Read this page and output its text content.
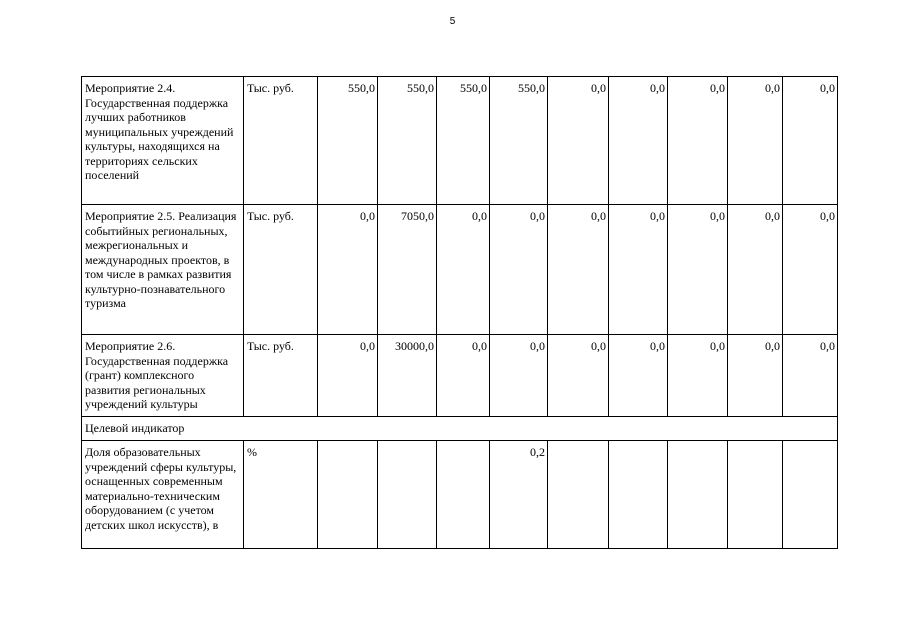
5
Мероприятие 2.4. Государственная поддержка лучших работников муниципальных учреждений культуры, находящихся на территориях сельских поселений	Тыс. руб.	550,0	550,0	550,0	550,0	0,0	0,0	0,0	0,0	0,0
Мероприятие 2.5. Реализация событийных региональных, межрегиональных и международных проектов, в том числе в рамках развития культурно-познавательного туризма	Тыс. руб.	0,0	7050,0	0,0	0,0	0,0	0,0	0,0	0,0	0,0
Мероприятие 2.6. Государственная поддержка (грант) комплексного развития региональных учреждений культуры	Тыс. руб.	0,0	30000,0	0,0	0,0	0,0	0,0	0,0	0,0	0,0
Целевой индикатор										
Доля образовательных учреждений сферы культуры, оснащенных современным материально-техническим оборудованием (с учетом детских школ искусств), в	%				0,2					
